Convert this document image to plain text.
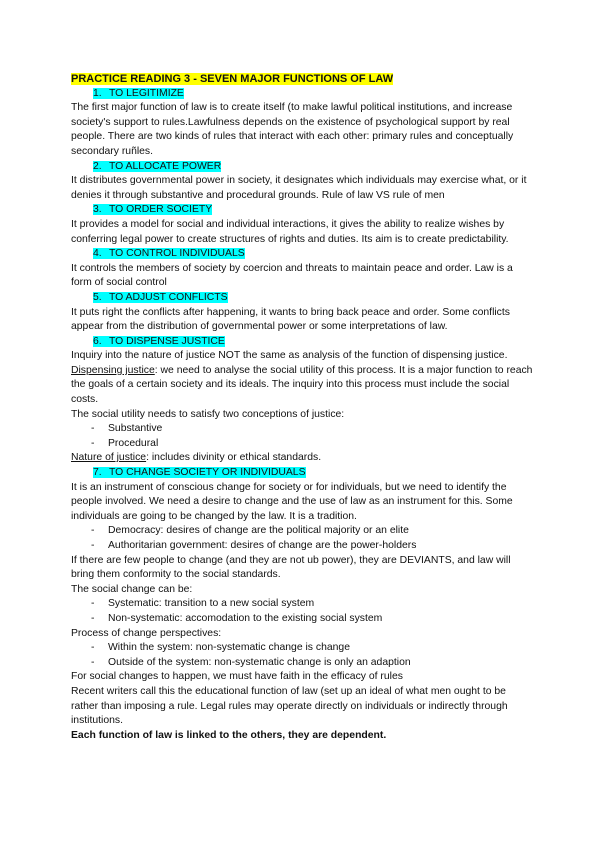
PRACTICE READING 3 - SEVEN MAJOR FUNCTIONS OF LAW
1. TO LEGITIMIZE

The first major function of law is to create itself (to make lawful political institutions, and increase society's support to rules.Lawfulness depends on the existence of psychological support by real people. There are two kinds of rules that interact with each other: primary rules and conceptually secondary ruñles.

2. TO ALLOCATE POWER

It distributes governmental power in society, it designates which individuals may exercise what, or it denies it through substantive and procedural grounds. Rule of law VS rule of men

3. TO ORDER SOCIETY

It provides a model for social and individual interactions, it gives the ability to realize wishes by conferring legal power to create structures of rights and duties. Its aim is to create predictability.

4. TO CONTROL INDIVIDUALS

It controls the members of society by coercion and threats to maintain peace and order. Law is a form of social control

5. TO ADJUST CONFLICTS

It puts right the conflicts after happening, it wants to bring back peace and order. Some conflicts appear from the distribution of governmental power or some interpretations of law.

6. TO DISPENSE JUSTICE

Inquiry into the nature of justice NOT the same as analysis of the function of dispensing justice.

Dispensing justice: we need to analyse the social utility of this process. It is a major function to reach the goals of a certain society and its ideals. The inquiry into this process must include the social costs.

The social utility needs to satisfy two conceptions of justice:

- Substantive
- Procedural

Nature of justice: includes divinity or ethical standards.

7. TO CHANGE SOCIETY OR INDIVIDUALS

It is an instrument of conscious change for society or for individuals, but we need to identify the people involved. We need a desire to change and the use of law as an instrument for this. Some individuals are going to be changed by the law. It is a tradition.

- Democracy: desires of change are the political majority or an elite
- Authoritarian government: desires of change are the power-holders

If there are few people to change (and they are not ub power), they are DEVIANTS, and law will bring them conformity to the social standards.

The social change can be:

- Systematic: transition to a new social system
- Non-systematic: accomodation to the existing social system

Process of change perspectives:

- Within the system: non-systematic change is change
- Outside of the system: non-systematic change is only an adaption

For social changes to happen, we must have faith in the efficacy of rules

Recent writers call this the educational function of law (set up an ideal of what men ought to be rather than imposing a rule. Legal rules may operate directly on individuals or indirectly through institutions.

Each function of law is linked to the others, they are dependent.
